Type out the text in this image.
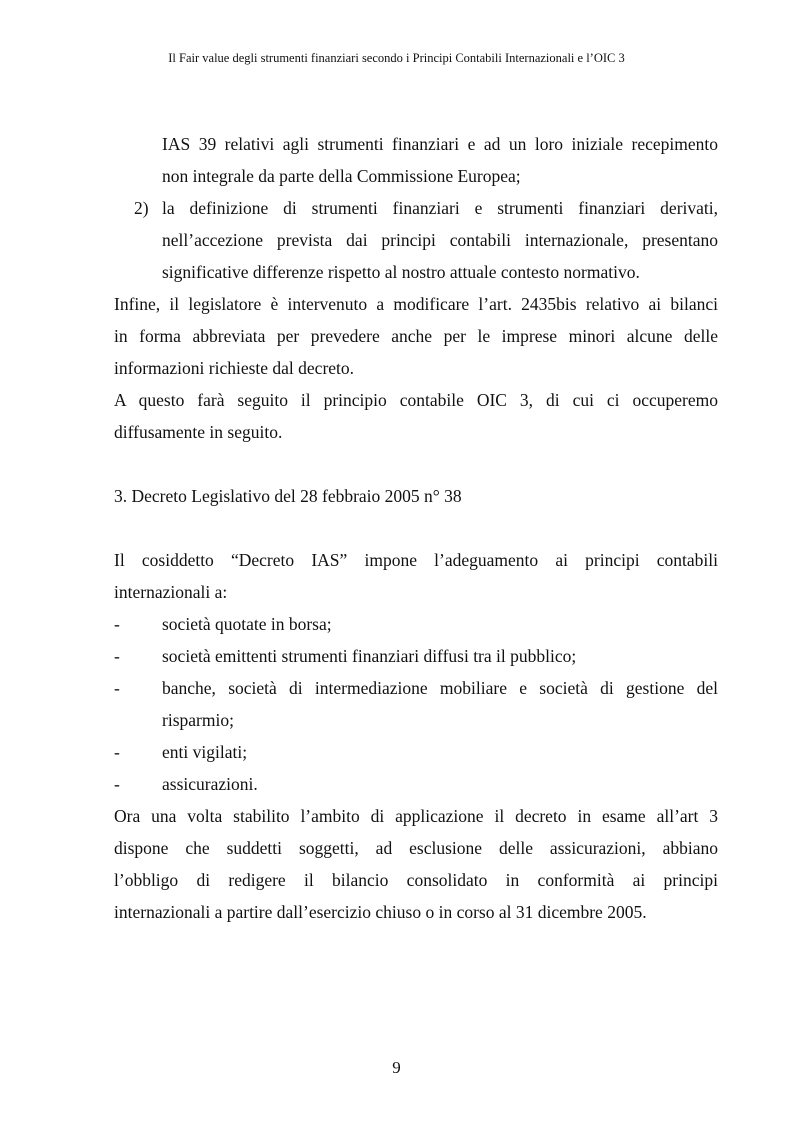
Il Fair value degli strumenti finanziari secondo i Principi Contabili Internazionali e l’OIC 3
IAS 39 relativi agli strumenti finanziari e ad un loro iniziale recepimento
non integrale da parte della Commissione Europea;
2) la definizione di strumenti finanziari e strumenti finanziari derivati,
nell’accezione prevista dai principi contabili internazionale, presentano
significative differenze rispetto al nostro attuale contesto normativo.
Infine, il legislatore è intervenuto a modificare l’art. 2435bis relativo ai bilanci
in forma abbreviata per prevedere anche per le imprese minori alcune delle
informazioni richieste dal decreto.
A questo farà seguito il principio contabile OIC 3, di cui ci occuperemo
diffusamente in seguito.
3. Decreto Legislativo del 28 febbraio 2005 n° 38
Il cosiddetto “Decreto IAS” impone l’adeguamento ai principi contabili
internazionali a:
- società quotate in borsa;
- società emittenti strumenti finanziari diffusi tra il pubblico;
- banche, società di intermediazione mobiliare e società di gestione del
risparmio;
- enti vigilati;
- assicurazioni.
Ora una volta stabilito l’ambito di applicazione il decreto in esame all’art 3
dispone che suddetti soggetti, ad esclusione delle assicurazioni, abbiano
l’obbligo di redigere il bilancio consolidato in conformità ai principi
internazionali a partire dall’esercizio chiuso o in corso al 31 dicembre 2005.
9
